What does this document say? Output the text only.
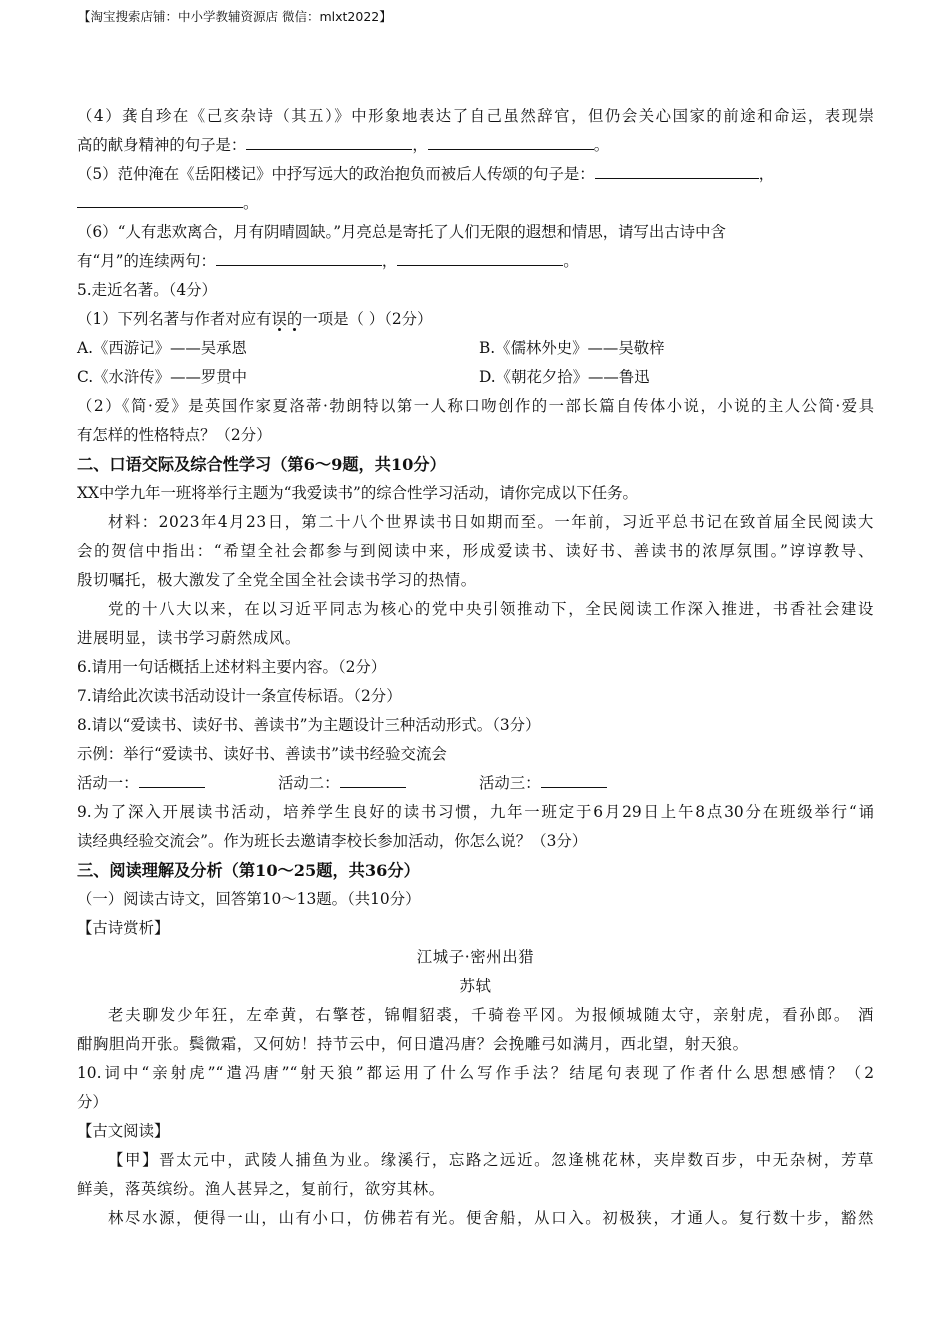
【淘宝搜索店铺：中小学教辅资源店 微信：mlxt2022】

（4）龚自珍在《己亥杂诗（其五）》中形象地表达了自己虽然辞官，但仍会关心国家的前途和命运，表现崇

高的献身精神的句子是：	，	。

（5）范仲淹在《岳阳楼记》中抒写远大的政治抱负而被后人传颂的句子是：	，

。

（6）“人有悲欢离合，月有阴晴圆缺。”月亮总是寄托了人们无限的遐想和情思，请写出古诗中含

有“月”的连续两句：	，	。

5.走近名著。（4分）

（1）下列名著与作者对应有误的一项是（ ）（2分）

A.《西游记》——吴承恩	B.《儒林外史》——吴敬梓
C.《水浒传》——罗贯中	D.《朝花夕拾》——鲁迅

（2）《简·爱》是英国作家夏洛蒂·勃朗特以第一人称口吻创作的一部长篇自传体小说，小说的主人公简·爱具

有怎样的性格特点？（2分）

二、口语交际及综合性学习（第6～9题，共10分）

XX中学九年一班将举行主题为“我爱读书”的综合性学习活动，请你完成以下任务。

材料：2023年4月23日，第二十八个世界读书日如期而至。一年前，习近平总书记在致首届全民阅读大

会的贺信中指出：“希望全社会都参与到阅读中来，形成爱读书、读好书、善读书的浓厚氛围。”谆谆教导、

殷切嘱托，极大激发了全党全国全社会读书学习的热情。

党的十八大以来，在以习近平同志为核心的党中央引领推动下，全民阅读工作深入推进，书香社会建设

进展明显，读书学习蔚然成风。

6.请用一句话概括上述材料主要内容。（2分）

7.请给此次读书活动设计一条宣传标语。（2分）

8.请以“爱读书、读好书、善读书”为主题设计三种活动形式。（3分）

示例：举行“爱读书、读好书、善读书”读书经验交流会

活动一：	活动二：	活动三：

9.为了深入开展读书活动，培养学生良好的读书习惯，九年一班定于6月29日上午8点30分在班级举行“诵

读经典经验交流会”。作为班长去邀请李校长参加活动，你怎么说？（3分）

三、阅读理解及分析（第10～25题，共36分）

（一）阅读古诗文，回答第10～13题。（共10分）

【古诗赏析】

江城子·密州出猎

苏轼

老夫聊发少年狂，左牵黄，右擎苍，锦帽貂裘，千骑卷平冈。为报倾城随太守，亲射虎，看孙郎。 酒

酣胸胆尚开张。鬓微霜，又何妨！持节云中，何日遣冯唐？会挽雕弓如满月，西北望，射天狼。

10.词中“亲射虎”“遣冯唐”“射天狼”都运用了什么写作手法？结尾句表现了作者什么思想感情？（2

分）

【古文阅读】

【甲】晋太元中，武陵人捕鱼为业。缘溪行，忘路之远近。忽逢桃花林，夹岸数百步，中无杂树，芳草

鲜美，落英缤纷。渔人甚异之，复前行，欲穷其林。

林尽水源，便得一山，山有小口，仿佛若有光。便舍船，从口入。初极狭，才通人。复行数十步，豁然
